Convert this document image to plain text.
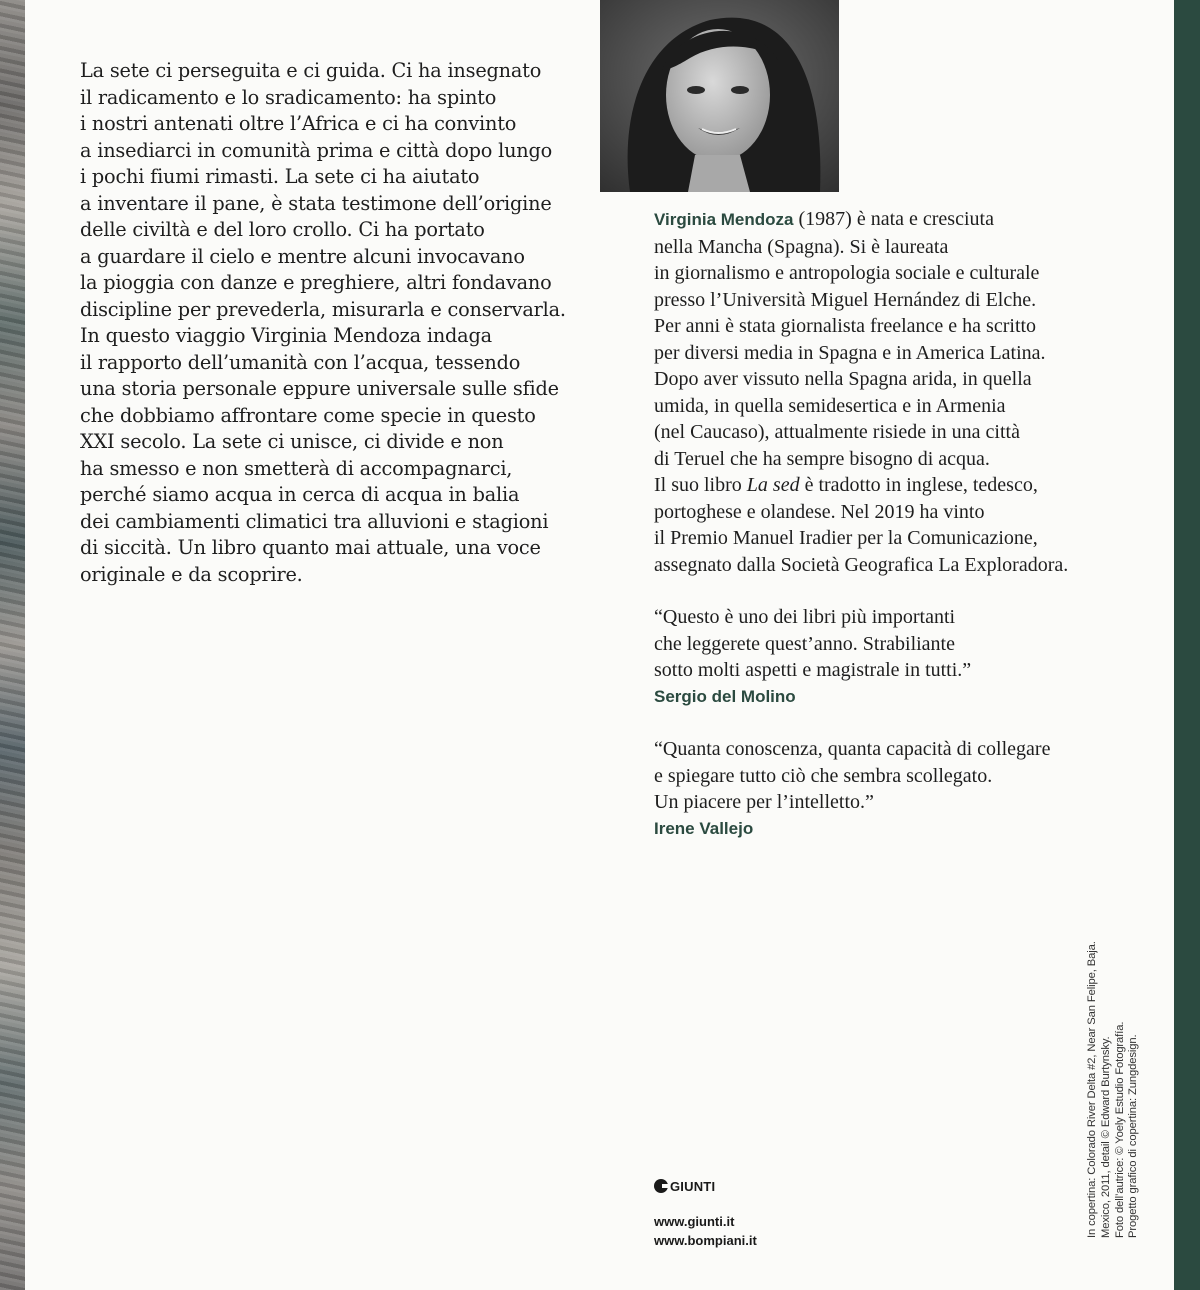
La sete ci perseguita e ci guida. Ci ha insegnato
il radicamento e lo sradicamento: ha spinto
i nostri antenati oltre l’Africa e ci ha convinto
a insediarci in comunità prima e città dopo lungo
i pochi fiumi rimasti. La sete ci ha aiutato
a inventare il pane, è stata testimone dell’origine
delle civiltà e del loro crollo. Ci ha portato
a guardare il cielo e mentre alcuni invocavano
la pioggia con danze e preghiere, altri fondavano
discipline per prevederla, misurarla e conservarla.
In questo viaggio Virginia Mendoza indaga
il rapporto dell’umanità con l’acqua, tessendo
una storia personale eppure universale sulle sfide
che dobbiamo affrontare come specie in questo
XXI secolo. La sete ci unisce, ci divide e non
ha smesso e non smetterà di accompagnarci,
perché siamo acqua in cerca di acqua in balia
dei cambiamenti climatici tra alluvioni e stagioni
di siccità. Un libro quanto mai attuale, una voce
originale e da scoprire.
Virginia Mendoza (1987) è nata e cresciuta
nella Mancha (Spagna). Si è laureata
in giornalismo e antropologia sociale e culturale
presso l’Università Miguel Hernández di Elche.
Per anni è stata giornalista freelance e ha scritto
per diversi media in Spagna e in America Latina.
Dopo aver vissuto nella Spagna arida, in quella
umida, in quella semidesertica e in Armenia
(nel Caucaso), attualmente risiede in una città
di Teruel che ha sempre bisogno di acqua.
Il suo libro La sed è tradotto in inglese, tedesco,
portoghese e olandese. Nel 2019 ha vinto
il Premio Manuel Iradier per la Comunicazione,
assegnato dalla Società Geografica La Exploradora.
“Questo è uno dei libri più importanti
che leggerete quest’anno. Strabiliante
sotto molti aspetti e magistrale in tutti.”
Sergio del Molino
“Quanta conoscenza, quanta capacità di collegare
e spiegare tutto ciò che sembra scollegato.
Un piacere per l’intelletto.”
Irene Vallejo
GIUNTI
www.giunti.it
www.bompiani.it
In copertina: Colorado River Delta #2, Near San Felipe, Baja. Mexico, 2011, detail © Edward Burtynsky. Foto dell’autrice: © Yoely Estudio Fotografía. Progetto grafico di copertina: Zungdesign.
